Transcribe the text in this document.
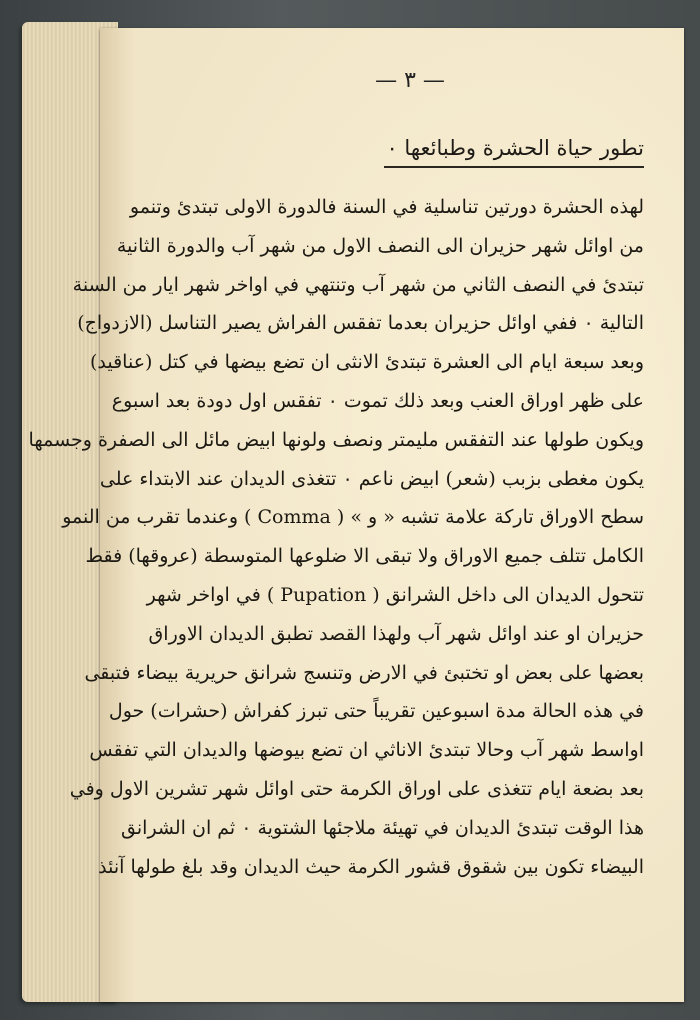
— ٣ —
تطور حياة الحشرة وطبائعها ٠
لهذه الحشرة دورتين تناسلية في السنة فالدورة الاولى تبتدئ وتنمو
من اوائل شهر حزيران الى النصف الاول من شهر آب والدورة الثانية
تبتدئ في النصف الثاني من شهر آب وتنتهي في اواخر شهر ايار من السنة
التالية ٠ ففي اوائل حزيران بعدما تفقس الفراش يصير التناسل (الازدواج)
وبعد سبعة ايام الى العشرة تبتدئ الانثى ان تضع بيضها في كتل (عناقيد)
على ظهر اوراق العنب وبعد ذلك تموت ٠ تفقس اول دودة بعد اسبوع
ويكون طولها عند التفقس مليمتر ونصف ولونها ابيض مائل الى الصفرة وجسمها
يكون مغطى بزبب (شعر) ابيض ناعم ٠ تتغذى الديدان عند الابتداء على
سطح الاوراق تاركة علامة تشبه « و » ( Comma ) وعندما تقرب من النمو
الكامل تتلف جميع الاوراق ولا تبقى الا ضلوعها المتوسطة (عروقها) فقط
تتحول الديدان الى داخل الشرانق ( Pupation ) في اواخر شهر
حزيران او عند اوائل شهر آب ولهذا القصد تطبق الديدان الاوراق
بعضها على بعض او تختبئ في الارض وتنسج شرانق حريرية بيضاء فتبقى
في هذه الحالة مدة اسبوعين تقريباً حتى تبرز كفراش (حشرات) حول
اواسط شهر آب وحالا تبتدئ الاناثي ان تضع بيوضها والديدان التي تفقس
بعد بضعة ايام تتغذى على اوراق الكرمة حتى اوائل شهر تشرين الاول وفي
هذا الوقت تبتدئ الديدان في تهيئة ملاجئها الشتوية ٠ ثم ان الشرانق
البيضاء تكون بين شقوق قشور الكرمة حيث الديدان وقد بلغ طولها آنئذ
